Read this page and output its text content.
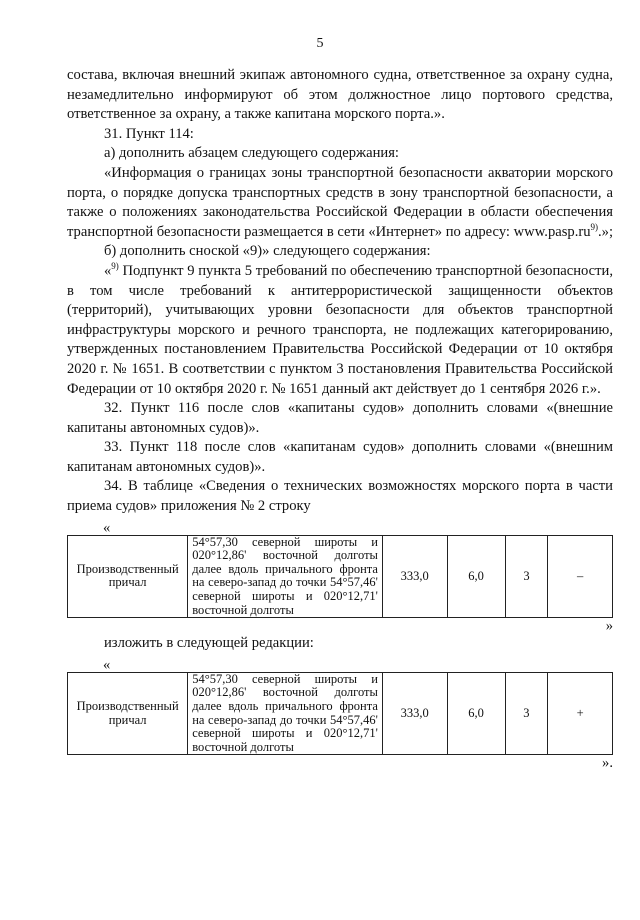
5

состава, включая внешний экипаж автономного судна, ответственное за охрану судна, незамедлительно информируют об этом должностное лицо портового средства, ответственное за охрану, а также капитана морского порта.».

31. Пункт 114:

а) дополнить абзацем следующего содержания:

«Информация о границах зоны транспортной безопасности акватории морского порта, о порядке допуска транспортных средств в зону транспортной безопасности, а также о положениях законодательства Российской Федерации в области обеспечения транспортной безопасности размещается в сети «Интернет» по адресу: $www.pasp.ru^{9)}$.»;

б) дополнить сноской «9)» следующего содержания:

«$^{9)}$ Подпункт 9 пункта 5 требований по обеспечению транспортной безопасности, в том числе требований к антитеррористической защищенности объектов (территорий), учитывающих уровни безопасности для объектов транспортной инфраструктуры морского и речного транспорта, не подлежащих категорированию, утвержденных постановлением Правительства Российской Федерации от 10 октября 2020 г. № 1651. В соответствии с пунктом 3 постановления Правительства Российской Федерации от 10 октября 2020 г. № 1651 данный акт действует до 1 сентября 2026 г.».

32. Пункт 116 после слов «капитаны судов» дополнить словами «(внешние капитаны автономных судов)».

33. Пункт 118 после слов «капитанам судов» дополнить словами «(внешним капитанам автономных судов)».

34. В таблице «Сведения о технических возможностях морского порта в части приема судов» приложения № 2 строку

«

Производственный причал	54°57,30 северной широты и 020°12,86' восточной долготы далее вдоль причального фронта на северо-запад до точки 54°57,46' северной широты и 020°12,71' восточной долготы	333,0	6,0	3	–

»

изложить в следующей редакции:

«

Производственный причал	54°57,30 северной широты и 020°12,86' восточной долготы далее вдоль причального фронта на северо-запад до точки 54°57,46' северной широты и 020°12,71' восточной долготы	333,0	6,0	3	+

».
